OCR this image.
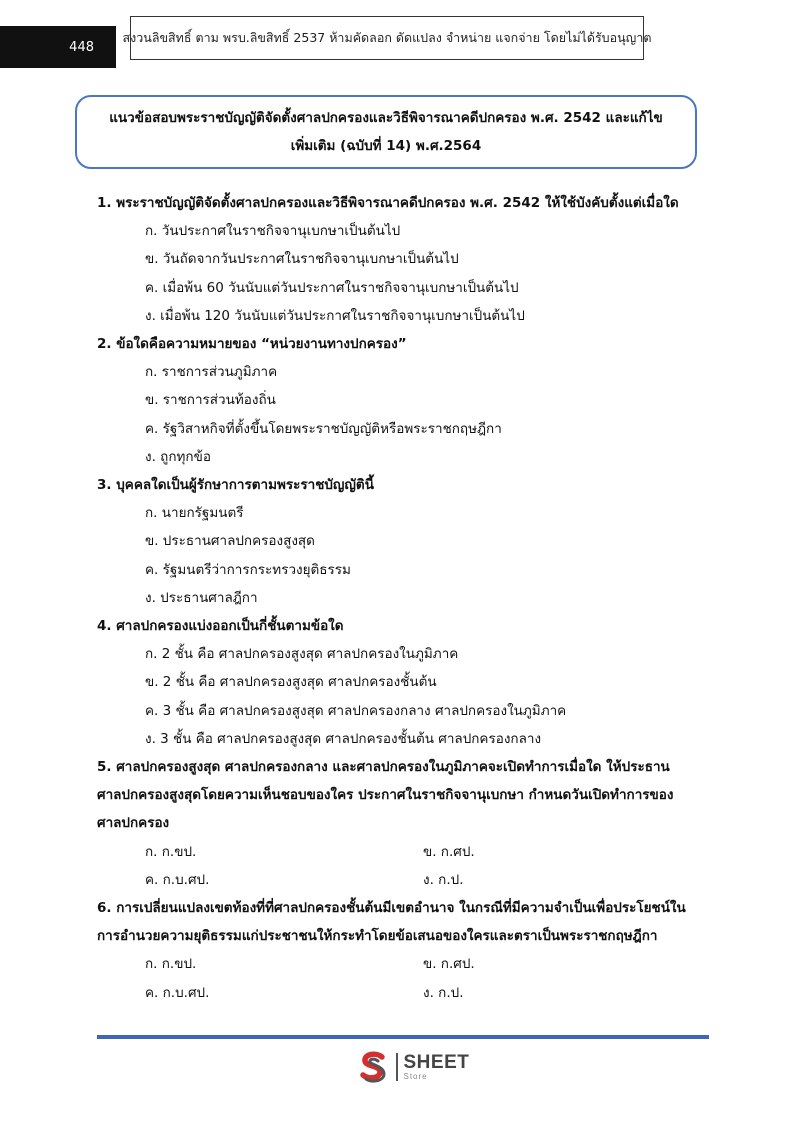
448
สงวนลิขสิทธิ์ ตาม พรบ.ลิขสิทธิ์ 2537 ห้ามคัดลอก ดัดแปลง จำหน่าย แจกจ่าย โดยไม่ได้รับอนุญาต
แนวข้อสอบพระราชบัญญัติจัดตั้งศาลปกครองและวิธีพิจารณาคดีปกครอง พ.ศ. 2542 และแก้ไข
เพิ่มเติม (ฉบับที่ 14) พ.ศ.2564
1. พระราชบัญญัติจัดตั้งศาลปกครองและวิธีพิจารณาคดีปกครอง พ.ศ. 2542 ให้ใช้บังคับตั้งแต่เมื่อใด
ก. วันประกาศในราชกิจจานุเบกษาเป็นต้นไป
ข. วันถัดจากวันประกาศในราชกิจจานุเบกษาเป็นต้นไป
ค. เมื่อพ้น 60 วันนับแต่วันประกาศในราชกิจจานุเบกษาเป็นต้นไป
ง. เมื่อพ้น 120 วันนับแต่วันประกาศในราชกิจจานุเบกษาเป็นต้นไป
2. ข้อใดคือความหมายของ “หน่วยงานทางปกครอง”
ก. ราชการส่วนภูมิภาค
ข. ราชการส่วนท้องถิ่น
ค. รัฐวิสาหกิจที่ตั้งขึ้นโดยพระราชบัญญัติหรือพระราชกฤษฎีกา
ง. ถูกทุกข้อ
3. บุคคลใดเป็นผู้รักษาการตามพระราชบัญญัตินี้
ก. นายกรัฐมนตรี
ข. ประธานศาลปกครองสูงสุด
ค. รัฐมนตรีว่าการกระทรวงยุติธรรม
ง. ประธานศาลฎีกา
4. ศาลปกครองแบ่งออกเป็นกี่ชั้นตามข้อใด
ก. 2 ชั้น คือ ศาลปกครองสูงสุด ศาลปกครองในภูมิภาค
ข. 2 ชั้น คือ ศาลปกครองสูงสุด ศาลปกครองชั้นต้น
ค. 3 ชั้น คือ ศาลปกครองสูงสุด ศาลปกครองกลาง ศาลปกครองในภูมิภาค
ง. 3 ชั้น คือ ศาลปกครองสูงสุด ศาลปกครองชั้นต้น ศาลปกครองกลาง
5. ศาลปกครองสูงสุด ศาลปกครองกลาง และศาลปกครองในภูมิภาคจะเปิดทำการเมื่อใด ให้ประธานศาลปกครองสูงสุดโดยความเห็นชอบของใคร ประกาศในราชกิจจานุเบกษา กำหนดวันเปิดทำการของศาลปกครอง
ก. ก.ขป.	ข. ก.ศป.
ค. ก.บ.ศป.	ง. ก.ป.
6. การเปลี่ยนแปลงเขตท้องที่ที่ศาลปกครองชั้นต้นมีเขตอำนาจ ในกรณีที่มีความจำเป็นเพื่อประโยชน์ในการอำนวยความยุติธรรมแก่ประชาชนให้กระทำโดยข้อเสนอของใครและตราเป็นพระราชกฤษฎีกา
ก. ก.ขป.	ข. ก.ศป.
ค. ก.บ.ศป.	ง. ก.ป.
SHEET
Store
